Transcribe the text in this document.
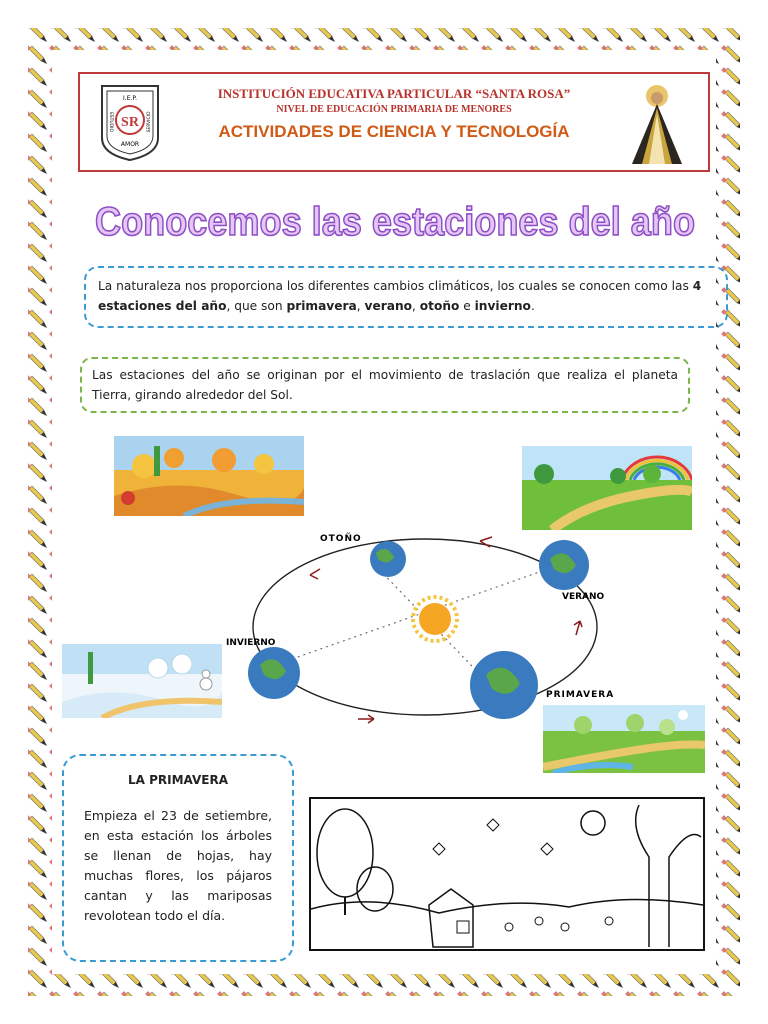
I.E.P.
ESTUDIO	SERVICIO
SR
AMOR
INSTITUCIÓN EDUCATIVA PARTICULAR “SANTA ROSA”
NIVEL DE EDUCACIÓN PRIMARIA DE MENORES
ACTIVIDADES DE CIENCIA Y TECNOLOGÍA
Conocemos las estaciones del año
La naturaleza nos proporciona los diferentes cambios climáticos, los cuales se conocen como las 4 estaciones del año, que son primavera, verano, otoño e invierno.
Las estaciones del año se originan por el movimiento de traslación que realiza el planeta Tierra, girando alrededor del Sol.
OTOÑO
VERANO
INVIERNO
PRIMAVERA
LA PRIMAVERA
Empieza el 23 de setiembre, en esta estación los árboles se llenan de hojas, hay muchas flores, los pájaros cantan y las mariposas revolotean todo el día.
